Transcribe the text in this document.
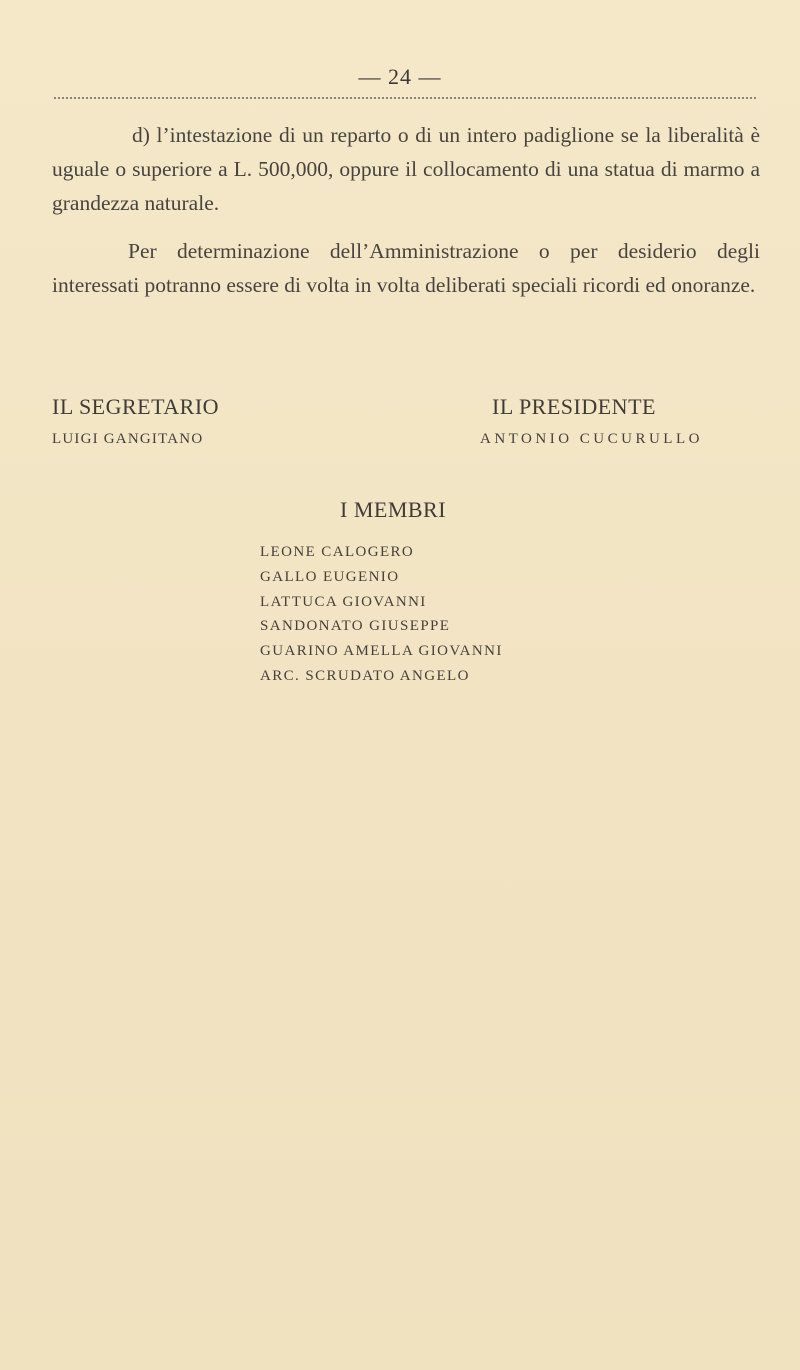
— 24 —
d) l’intestazione di un reparto o di un intero padiglione se la liberalità è uguale o superiore a L. 500,000, oppure il collocamento di una statua di marmo a grandezza naturale.
Per determinazione dell’Amministrazione o per desiderio degli interessati potranno essere di volta in volta deliberati speciali ricordi ed onoranze.
IL SEGRETARIO
LUIGI GANGITANO
IL PRESIDENTE
ANTONIO CUCURULLO
I MEMBRI
LEONE CALOGERO
GALLO EUGENIO
LATTUCA GIOVANNI
SANDONATO GIUSEPPE
GUARINO AMELLA GIOVANNI
ARC. SCRUDATO ANGELO
